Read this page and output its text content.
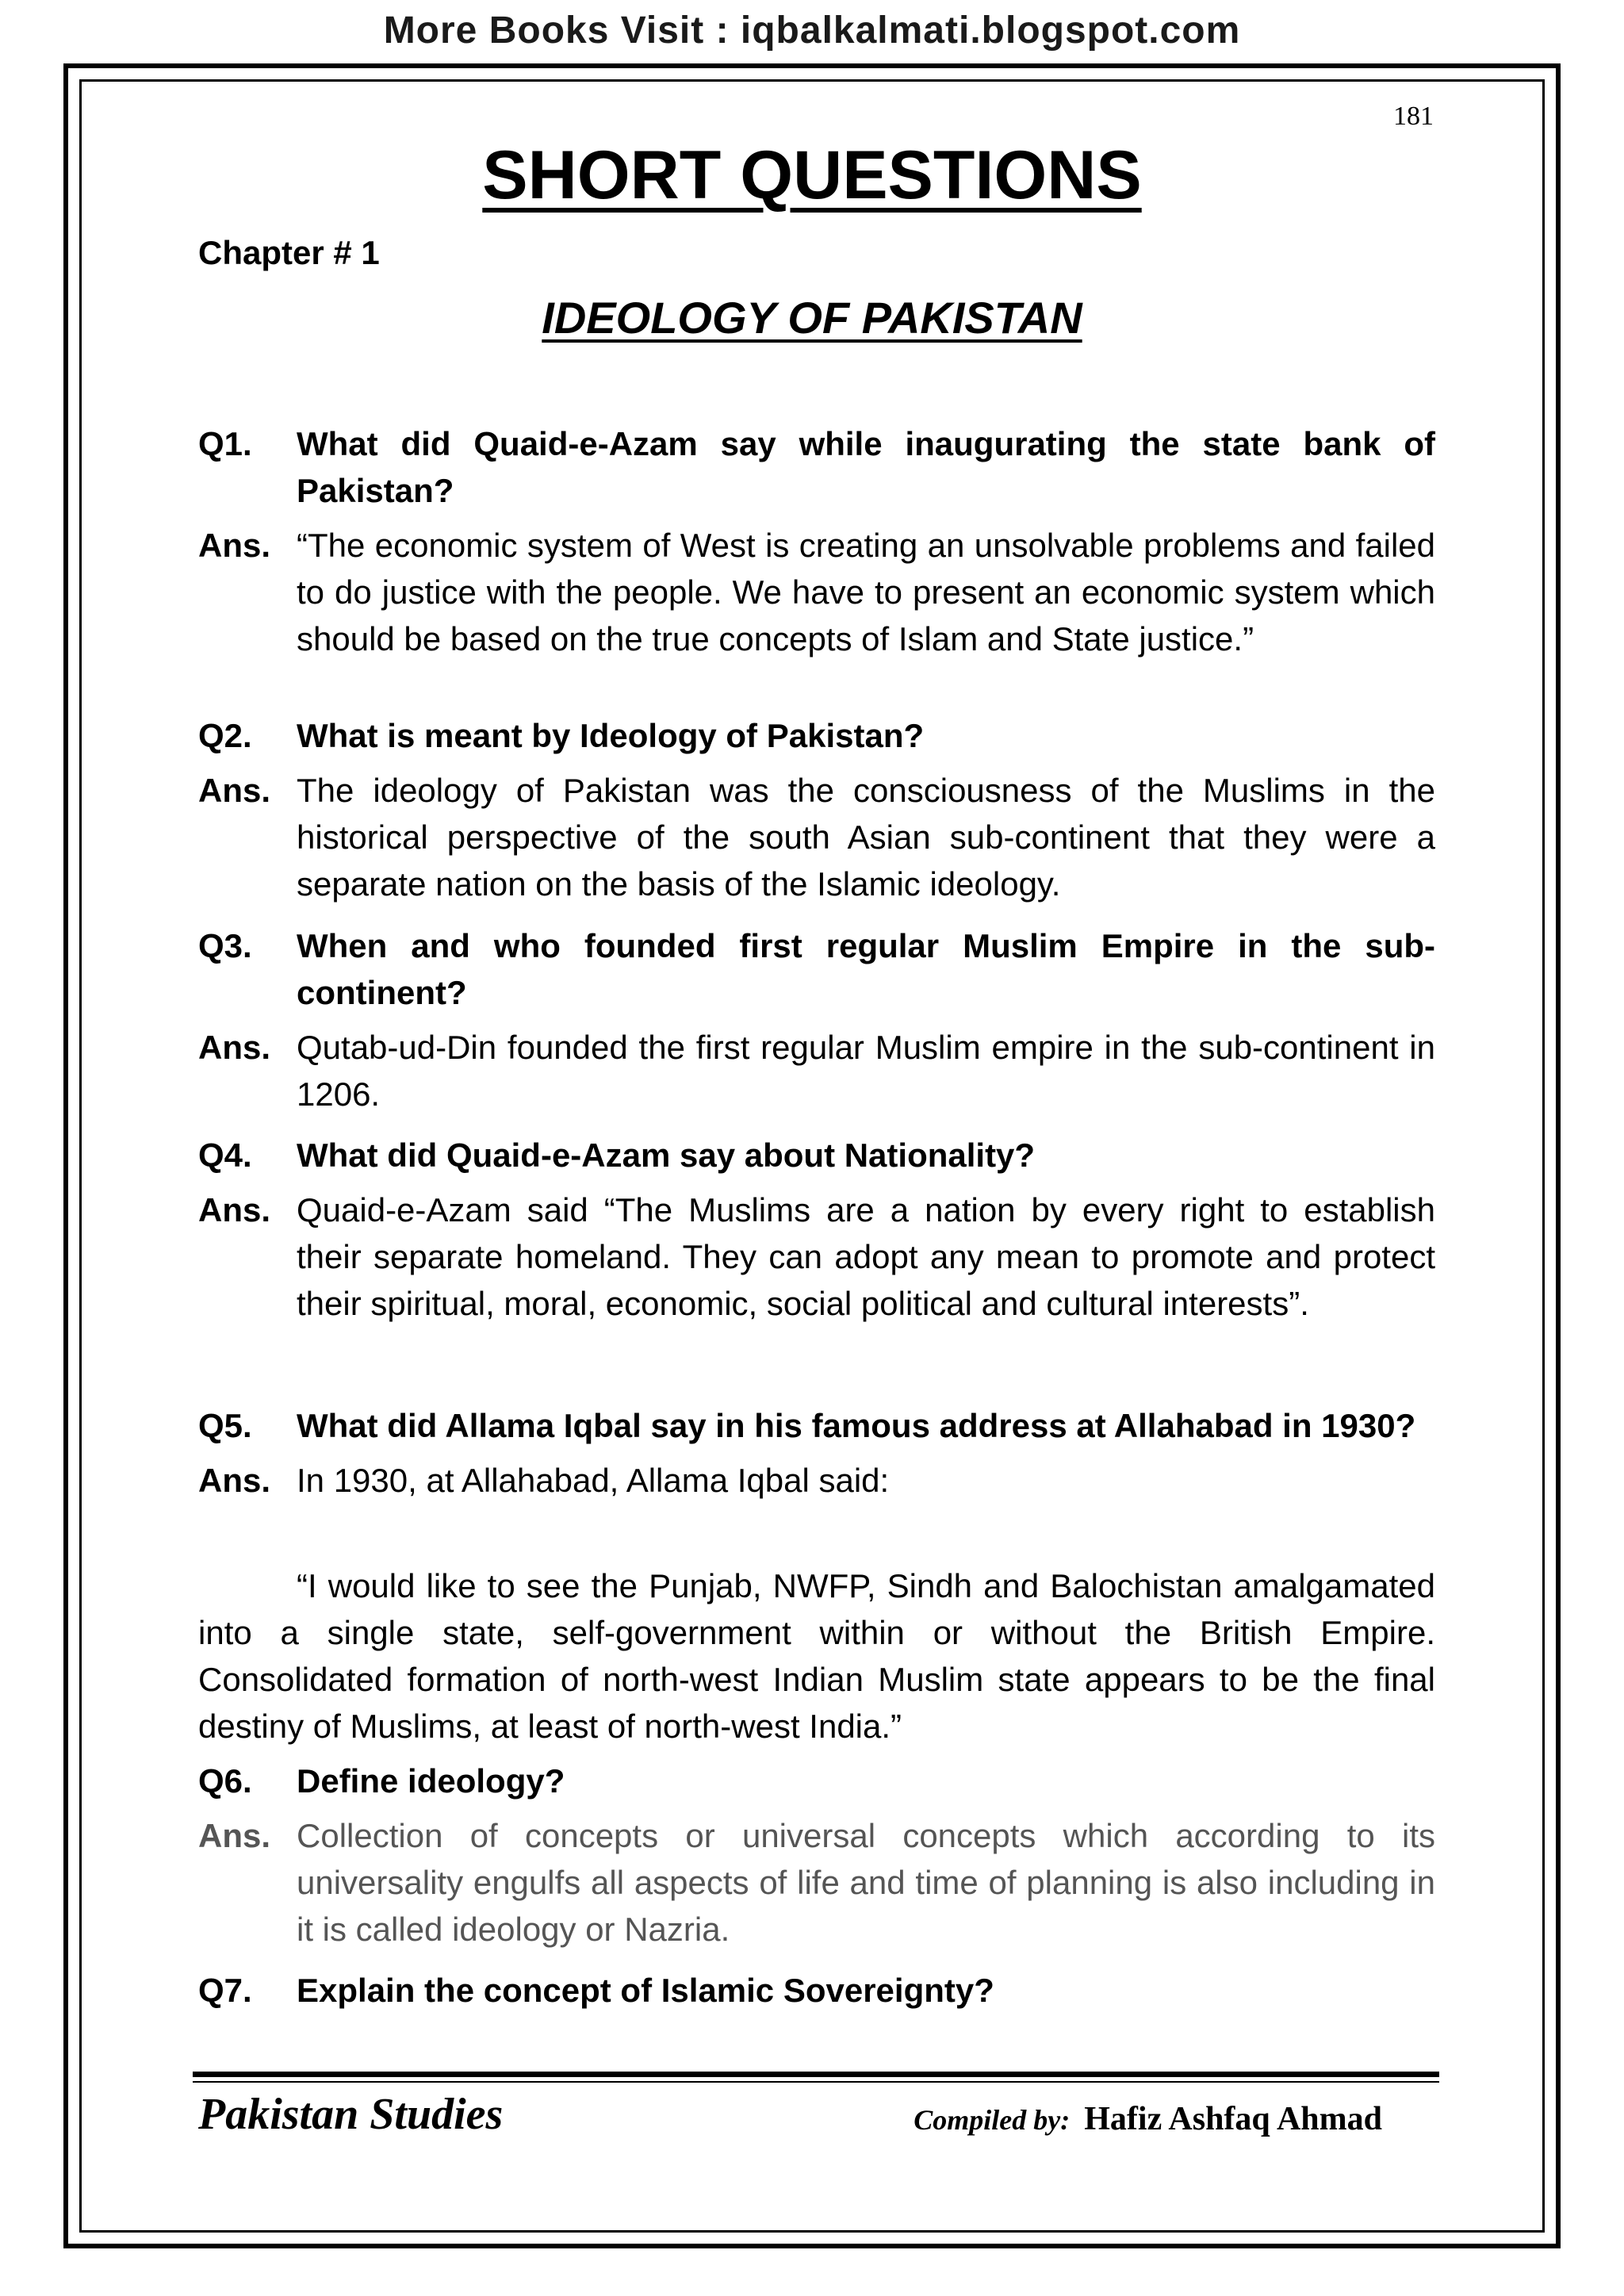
More Books Visit : iqbalkalmati.blogspot.com
181
SHORT QUESTIONS
Chapter # 1
IDEOLOGY OF PAKISTAN
Q1.	What did Quaid-e-Azam say while inaugurating the state bank of Pakistan?
Ans. “The economic system of West is creating an unsolvable problems and failed to do justice with the people. We have to present an economic system which should be based on the true concepts of Islam and State justice.”
Q2.	What is meant by Ideology of Pakistan?
Ans. The ideology of Pakistan was the consciousness of the Muslims in the historical perspective of the south Asian sub-continent that they were a separate nation on the basis of the Islamic ideology.
Q3.	When and who founded first regular Muslim Empire in the sub-continent?
Ans. Qutab-ud-Din founded the first regular Muslim empire in the sub-continent in 1206.
Q4.	What did Quaid-e-Azam say about Nationality?
Ans. Quaid-e-Azam said “The Muslims are a nation by every right to establish their separate homeland. They can adopt any mean to promote and protect their spiritual, moral, economic, social political and cultural interests”.
Q5.	What did Allama Iqbal say in his famous address at Allahabad in 1930?
Ans. In 1930, at Allahabad, Allama Iqbal said:
“I would like to see the Punjab, NWFP, Sindh and Balochistan amalgamated into a single state, self-government within or without the British Empire. Consolidated formation of north-west Indian Muslim state appears to be the final destiny of Muslims, at least of north-west India.”
Q6.	Define ideology?
Ans. Collection of concepts or universal concepts which according to its universality engulfs all aspects of life and time of planning is also including in it is called ideology or Nazria.
Q7.	Explain the concept of Islamic Sovereignty?
Pakistan Studies	Compiled by: Hafiz Ashfaq Ahmad
